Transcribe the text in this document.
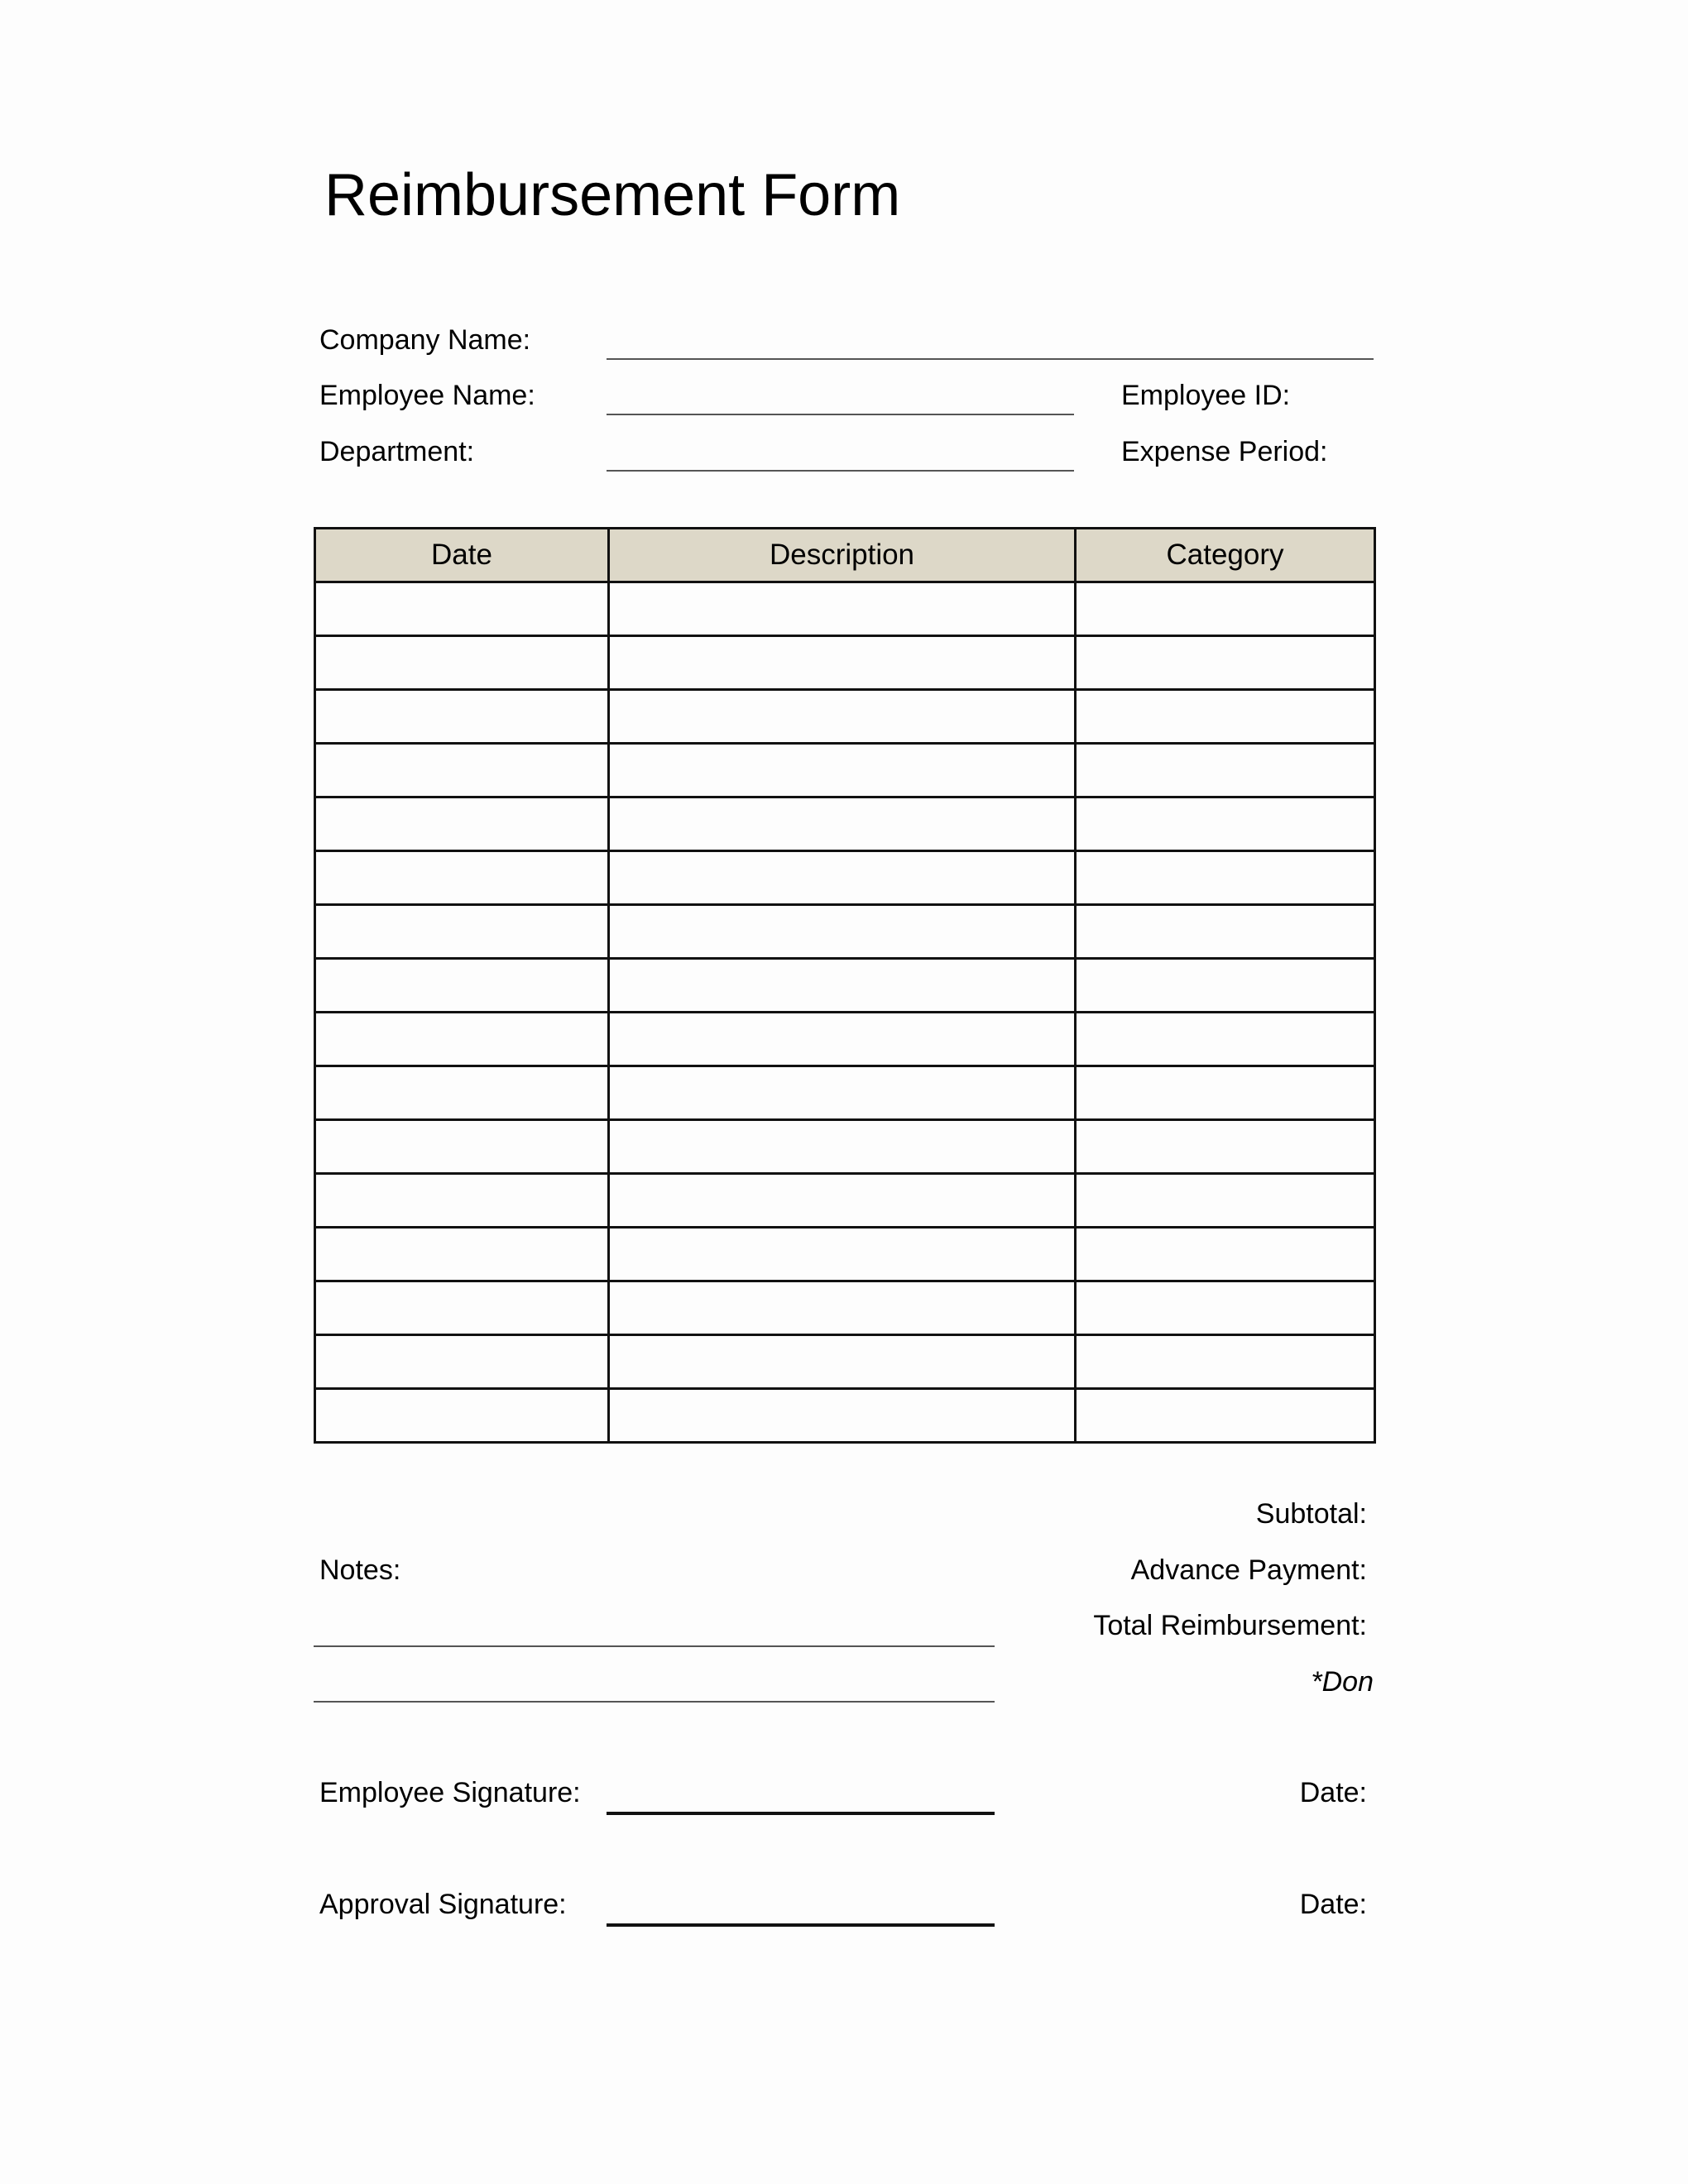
Reimbursement Form
Company Name:
Employee Name:	Employee ID:
Department:	Expense Period:
Date	Description	Category

Subtotal:
Notes:	Advance Payment:
Total Reimbursement:
*Don
Employee Signature:	Date:
Approval Signature:	Date:
